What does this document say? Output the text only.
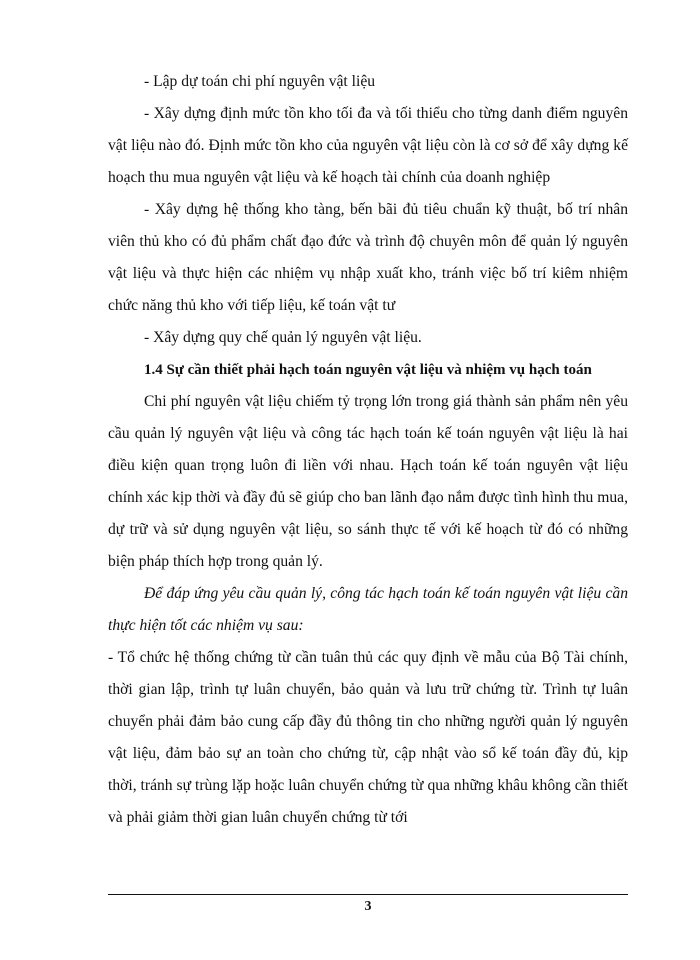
- Lập dự toán chi phí nguyên vật liệu

- Xây dựng định mức tồn kho tối đa và tối thiểu cho từng danh điểm nguyên vật liệu nào đó. Định mức tồn kho của nguyên vật liệu còn là cơ sở để xây dựng kế hoạch thu mua nguyên vật liệu và kế hoạch tài chính của doanh nghiệp

- Xây dựng hệ thống kho tàng, bến bãi đủ tiêu chuẩn kỹ thuật, bố trí nhân viên thủ kho có đủ phẩm chất đạo đức và trình độ chuyên môn để quản lý nguyên vật liệu và thực hiện các nhiệm vụ nhập xuất kho, tránh việc bố trí kiêm nhiệm chức năng thủ kho với tiếp liệu, kế toán vật tư

- Xây dựng quy chế quản lý nguyên vật liệu.

1.4 Sự cần thiết phải hạch toán nguyên vật liệu và nhiệm vụ hạch toán

Chi phí nguyên vật liệu chiếm tỷ trọng lớn trong giá thành sản phẩm nên yêu cầu quản lý nguyên vật liệu và công tác hạch toán kế toán nguyên vật liệu là hai điều kiện quan trọng luôn đi liền với nhau. Hạch toán kế toán nguyên vật liệu chính xác kịp thời và đầy đủ sẽ giúp cho ban lãnh đạo nắm được tình hình thu mua, dự trữ và sử dụng nguyên vật liệu, so sánh thực tế với kế hoạch từ đó có những biện pháp thích hợp trong quản lý.

Để đáp ứng yêu cầu quản lý, công tác hạch toán kế toán nguyên vật liệu cần thực hiện tốt các nhiệm vụ sau:

- Tổ chức hệ thống chứng từ cần tuân thủ các quy định về mẫu của Bộ Tài chính, thời gian lập, trình tự luân chuyển, bảo quản và lưu trữ chứng từ. Trình tự luân chuyển phải đảm bảo cung cấp đầy đủ thông tin cho những người quản lý nguyên vật liệu, đảm bảo sự an toàn cho chứng từ, cập nhật vào sổ kế toán đầy đủ, kịp thời, tránh sự trùng lặp hoặc luân chuyển chứng từ qua những khâu không cần thiết và phải giảm thời gian luân chuyển chứng từ tới

3
